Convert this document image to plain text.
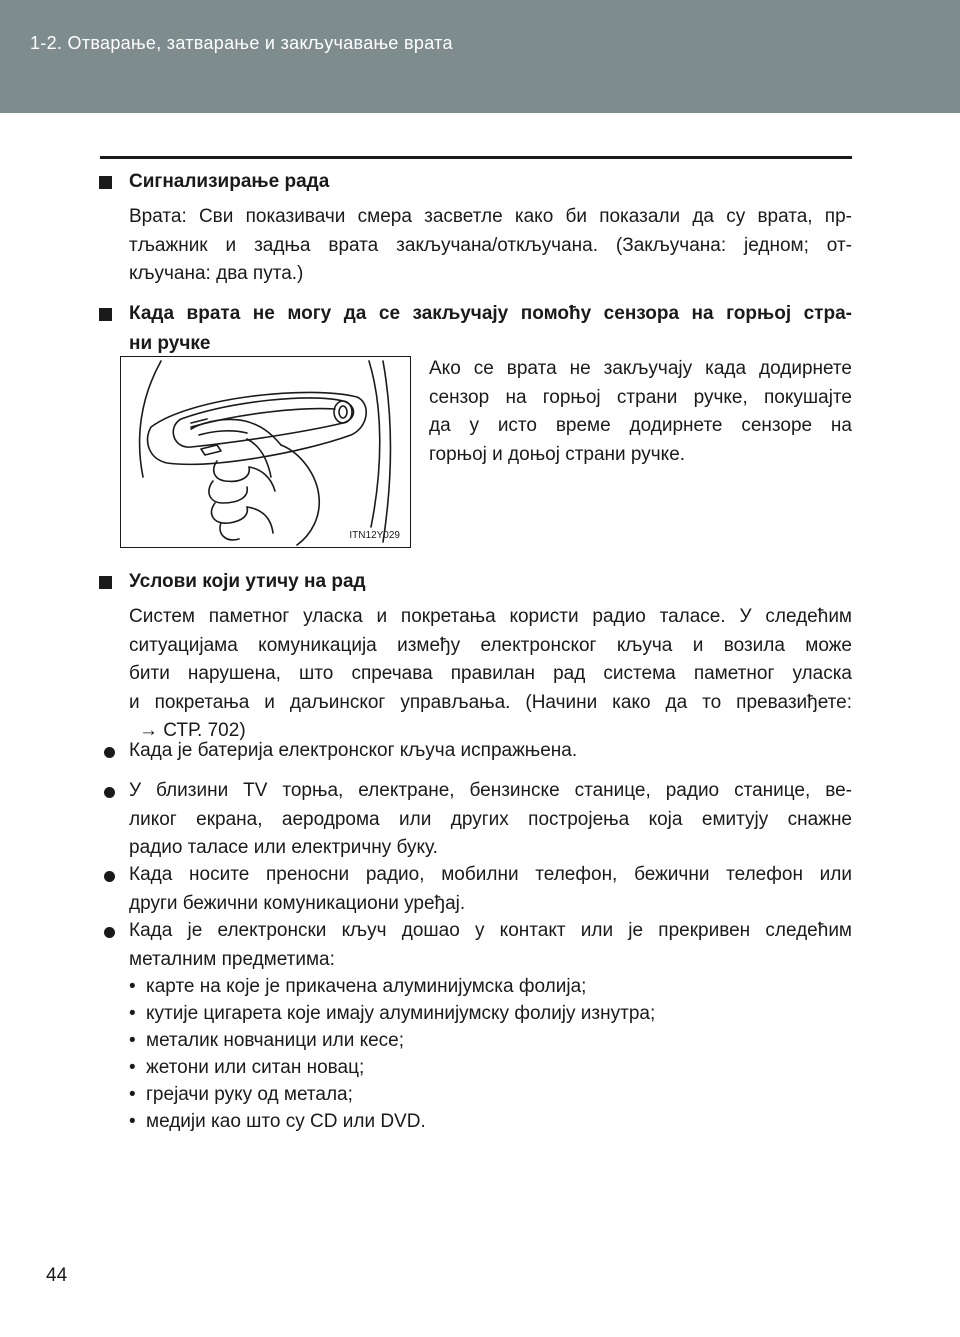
1-2. Отварање, затварање и закључавање врата
Сигнализирање рада
Врата: Сви показивачи смера засветле како би показали да су врата, пр-
тљажник и задња врата закључана/откључана. (Закључана: једном; от-
кључана: два пута.)
Када врата не могу да се закључају помоћу сензора на горњој стра-
ни ручке
Ако се врата не закључају када додирнете
сензор на горњој страни ручке, покушајте
да у исто време додирнете сензоре на
горњој и доњој страни ручке.
ITN12Y029
Услови који утичу на рад
Систем паметног уласка и покретања користи радио таласе. У следећим
ситуацијама комуникација између електронског кључа и возила може
бити нарушена, што спречава правилан рад система паметног уласка
и покретања и даљинског управљања. (Начини како да то превазиђете:
→ СТР. 702)
Када је батерија електронског кључа испражњена.
У близини TV торња, електране, бензинске станице, радио станице, ве-
ликог екрана, аеродрома или других постројења која емитују снажне
радио таласе или електричну буку.
Када носите преносни радио, мобилни телефон, бежични телефон или
други бежични комуникациони уређај.
Када је електронски кључ дошао у контакт или је прекривен следећим
металним предметима:
• карте на које је прикачена алуминијумска фолија;
• кутије цигарета које имају алуминијумску фолију изнутра;
• металик новчаници или кесе;
• жетони или ситан новац;
• грејачи руку од метала;
• медији као што су CD или DVD.
44
